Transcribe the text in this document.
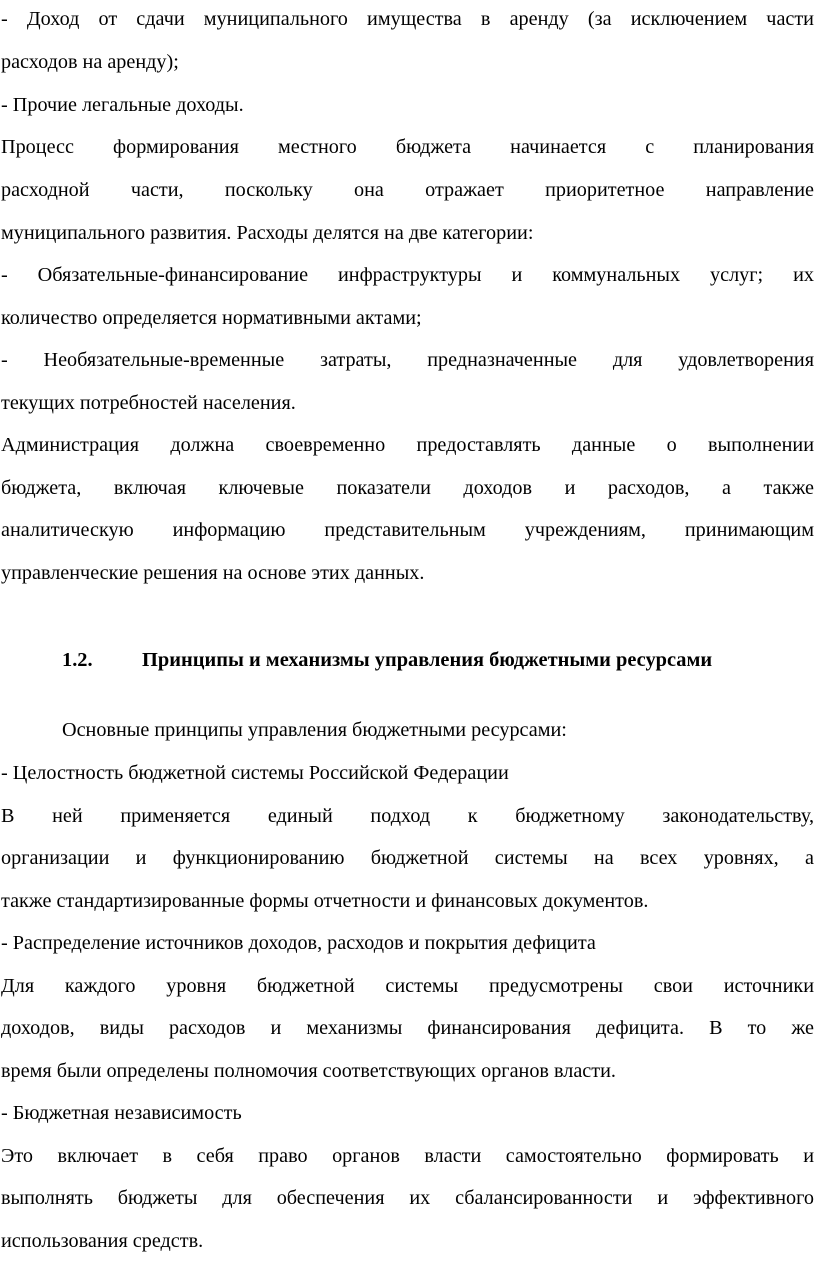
- Доход от сдачи муниципального имущества в аренду (за исключением части
расходов на аренду);
- Прочие легальные доходы.
Процесс формирования местного бюджета начинается с планирования
расходной части, поскольку она отражает приоритетное направление
муниципального развития. Расходы делятся на две категории:
- Обязательные-финансирование инфраструктуры и коммунальных услуг; их
количество определяется нормативными актами;
- Необязательные-временные затраты, предназначенные для удовлетворения
текущих потребностей населения.
Администрация должна своевременно предоставлять данные о выполнении
бюджета, включая ключевые показатели доходов и расходов, а также
аналитическую информацию представительным учреждениям, принимающим
управленческие решения на основе этих данных.
1.2. Принципы и механизмы управления бюджетными ресурсами
Основные принципы управления бюджетными ресурсами:
- Целостность бюджетной системы Российской Федерации
В ней применяется единый подход к бюджетному законодательству,
организации и функционированию бюджетной системы на всех уровнях, а
также стандартизированные формы отчетности и финансовых документов.
- Распределение источников доходов, расходов и покрытия дефицита
Для каждого уровня бюджетной системы предусмотрены свои источники
доходов, виды расходов и механизмы финансирования дефицита. В то же
время были определены полномочия соответствующих органов власти.
- Бюджетная независимость
Это включает в себя право органов власти самостоятельно формировать и
выполнять бюджеты для обеспечения их сбалансированности и эффективного
использования средств.
